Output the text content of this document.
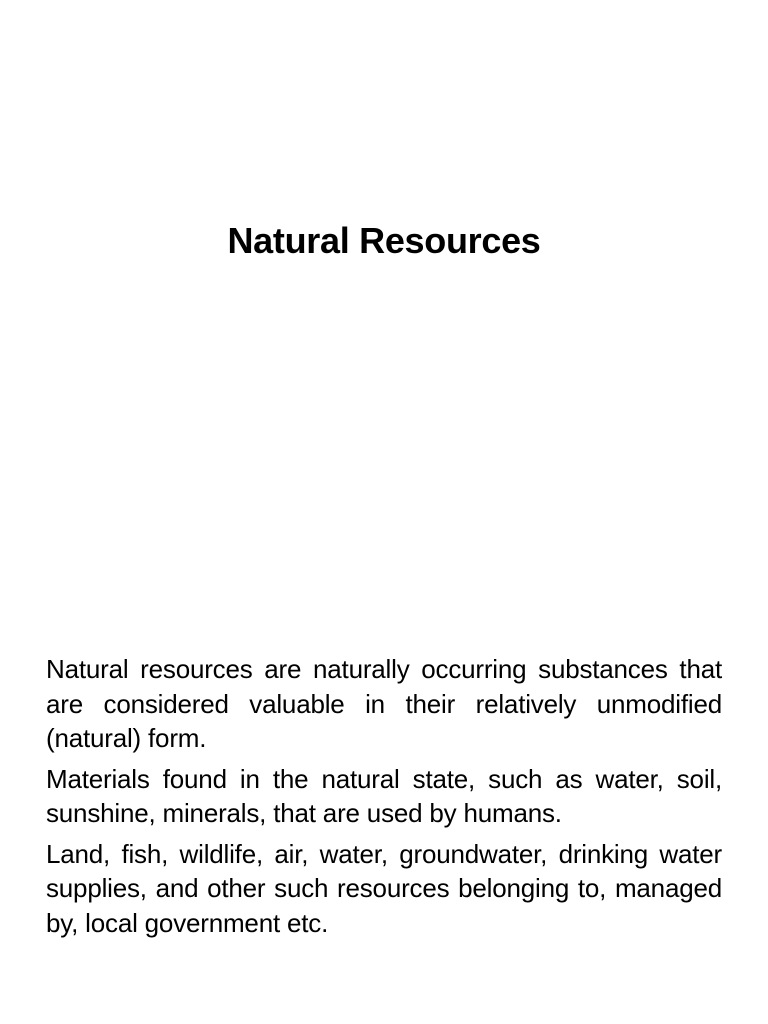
Natural Resources

Natural resources are naturally occurring substances that are considered valuable in their relatively unmodified (natural) form.

Materials found in the natural state, such as water, soil, sunshine, minerals, that are used by humans.

Land, fish, wildlife, air, water, groundwater, drinking water supplies, and other such resources belonging to, managed by, local government etc.
